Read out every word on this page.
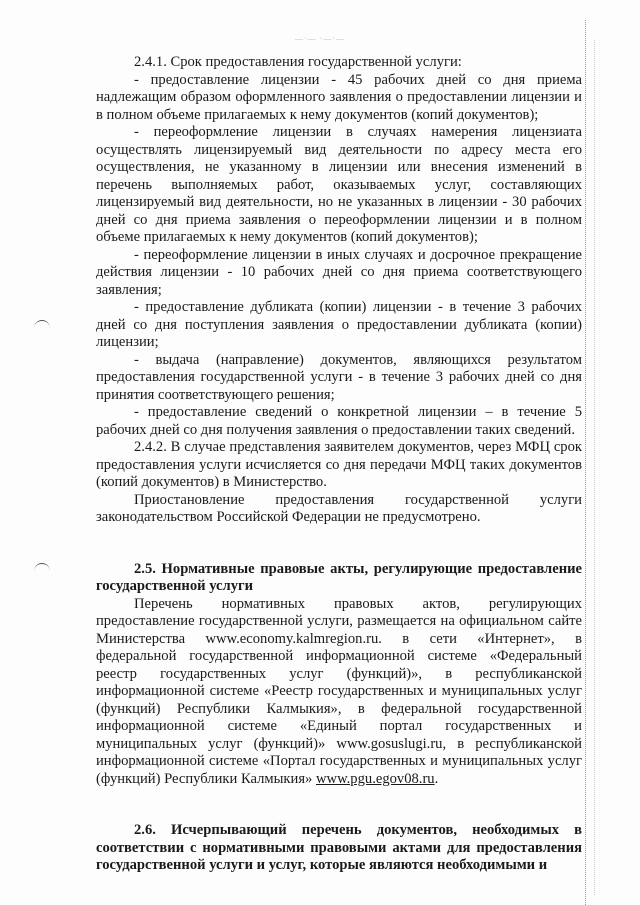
—·— ·—·—

2.4.1. Срок предоставления государственной услуги:

- предоставление лицензии - 45 рабочих дней со дня приема надлежащим образом оформленного заявления о предоставлении лицензии и в полном объеме прилагаемых к нему документов (копий документов);

- переоформление лицензии в случаях намерения лицензиата осуществлять лицензируемый вид деятельности по адресу места его осуществления, не указанному в лицензии или внесения изменений в перечень выполняемых работ, оказываемых услуг, составляющих лицензируемый вид деятельности, но не указанных в лицензии - 30 рабочих дней со дня приема заявления о переоформлении лицензии и в полном объеме прилагаемых к нему документов (копий документов);

- переоформление лицензии в иных случаях и досрочное прекращение действия лицензии - 10 рабочих дней со дня приема соответствующего заявления;

- предоставление дубликата (копии) лицензии - в течение 3 рабочих дней со дня поступления заявления о предоставлении дубликата (копии) лицензии;

- выдача (направление) документов, являющихся результатом предоставления государственной услуги - в течение 3 рабочих дней со дня принятия соответствующего решения;

- предоставление сведений о конкретной лицензии – в течение 5 рабочих дней со дня получения заявления о предоставлении таких сведений.

2.4.2. В случае представления заявителем документов, через МФЦ срок предоставления услуги исчисляется со дня передачи МФЦ таких документов (копий документов) в Министерство.

Приостановление предоставления государственной услуги законодательством Российской Федерации не предусмотрено.

2.5. Нормативные правовые акты, регулирующие предоставление государственной услуги

Перечень нормативных правовых актов, регулирующих предоставление государственной услуги, размещается на официальном сайте Министерства www.economy.kalmregion.ru. в сети «Интернет», в федеральной государственной информационной системе «Федеральный реестр государственных услуг (функций)», в республиканской информационной системе «Реестр государственных и муниципальных услуг (функций) Республики Калмыкия», в федеральной государственной информационной системе «Единый портал государственных и муниципальных услуг (функций)» www.gosuslugi.ru, в республиканской информационной системе «Портал государственных и муниципальных услуг (функций) Республики Калмыкия» www.pgu.egov08.ru.

2.6. Исчерпывающий перечень документов, необходимых в соответствии с нормативными правовыми актами для предоставления государственной услуги и услуг, которые являются необходимыми и
